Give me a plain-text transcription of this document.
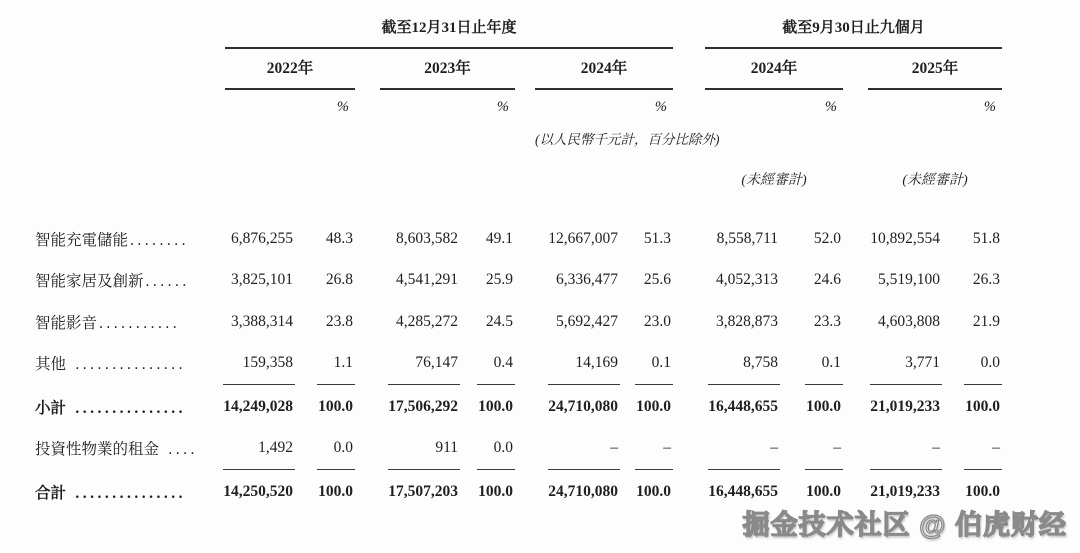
截至12月31日止年度	截至9月30日止九個月
2022年	2023年	2024年	2024年	2025年
%	%	%	%	%
(以人民幣千元計，百分比除外)
(未經審計)	(未經審計)
智能充電儲能 ........	6,876,255	48.3	8,603,582	49.1	12,667,007	51.3	8,558,711	52.0 10,892,554	51.8
智能家居及創新 ......	3,825,101	26.8	4,541,291	25.9	6,336,477	25.6	4,052,313	24.6	5,519,100	26.3
智能影音 ...........	3,388,314	23.8	4,285,272	24.5	5,692,427	23.0	3,828,873	23.3	4,603,808	21.9
其他 ...............	159,358	1.1	76,147	0.4	14,169	0.1	8,758	0.1	3,771	0.0
小計 ...............	14,249,028	100.0	17,506,292	100.0	24,710,080	100.0 16,448,655	100.0 21,019,233	100.0
投資性物業的租金 ....	1,492	0.0	911	0.0	–	–	–	–	–	–
合計 ...............	14,250,520	100.0	17,507,203	100.0	24,710,080	100.0 16,448,655	100.0 21,019,233	100.0
掘金技术社区 @ 伯虎财经
